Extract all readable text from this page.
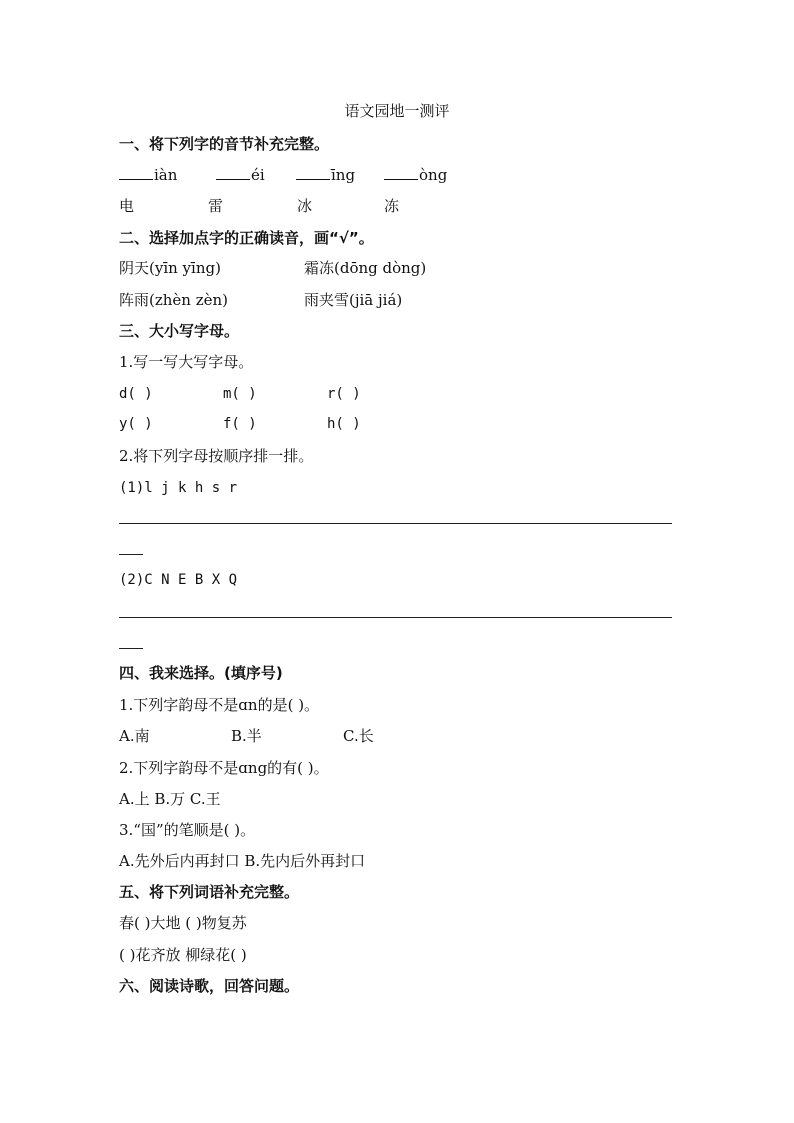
语文园地一测评
一、将下列字的音节补充完整。
iàn	éi	īng	òng
电	雷	冰	冻
二、选择加点字的正确读音，画“√”。
阴天(yīn yīng)	霜冻(dōng dòng)
阵雨(zhèn zèn)	雨夹雪(jiā jiá)
三、大小写字母。
1.写一写大写字母。
d( )	m( )	r( )
y( )	f( )	h( )
2.将下列字母按顺序排一排。
(1)l j k h s r
(2)C N E B X Q
四、我来选择。(填序号)
1.下列字韵母不是ɑn的是( )。
A.南	B.半	C.长
2.下列字韵母不是ɑng的有( )。
A.上 B.万 C.王
3.“国”的笔顺是( )。
A.先外后内再封口 B.先内后外再封口
五、将下列词语补充完整。
春( )大地 ( )物复苏
( )花齐放 柳绿花( )
六、阅读诗歌，回答问题。
